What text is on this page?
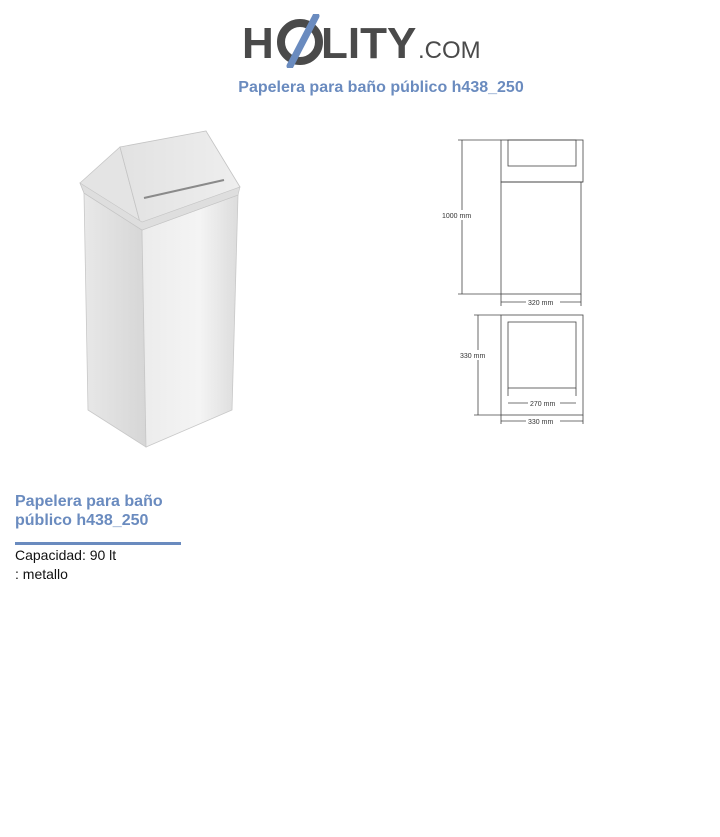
H LITY .COM
Papelera para baño público h438_250
1000 mm
320 mm
330 mm
270 mm
330 mm
Papelera para baño
público h438_250
Capacidad: 90 lt
: metallo
